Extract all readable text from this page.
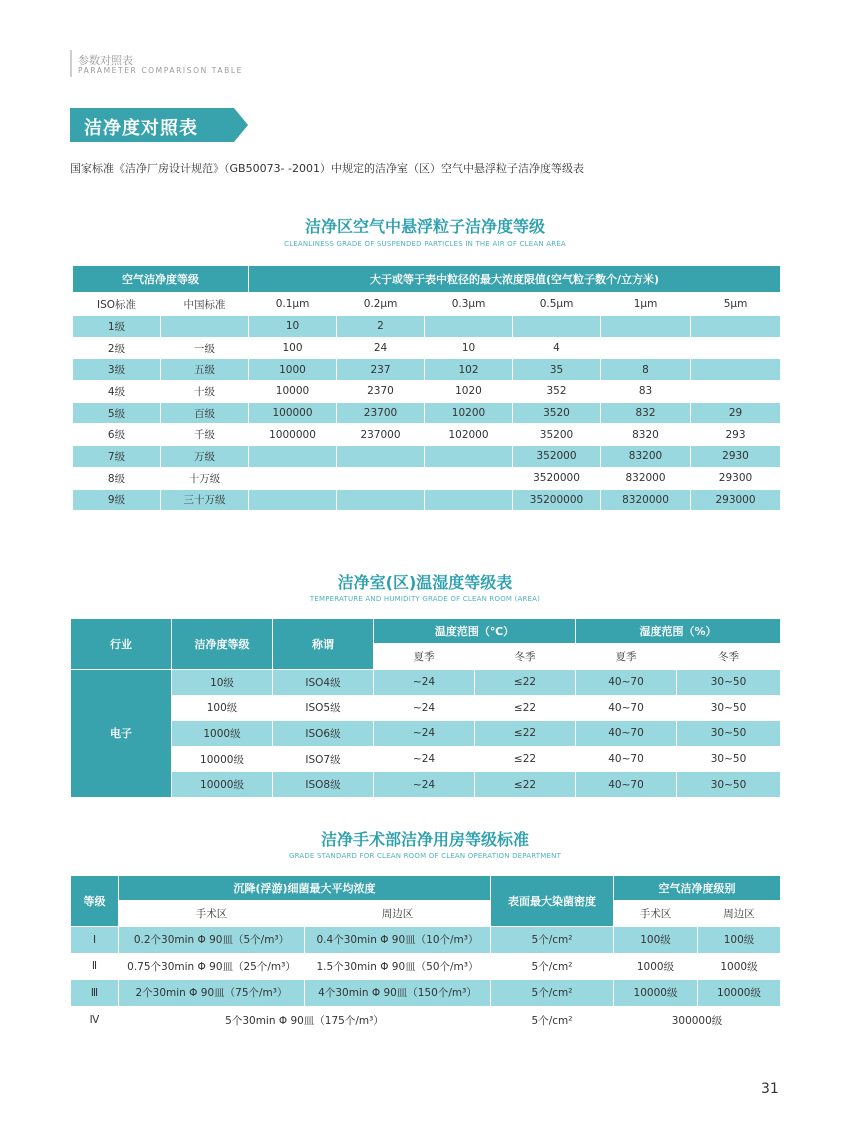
参数对照表
PARAMETER COMPARISON TABLE
洁净度对照表
国家标准《洁净厂房设计规范》（GB50073- -2001）中规定的洁净室（区）空气中悬浮粒子洁净度等级表
洁净区空气中悬浮粒子洁净度等级
CLEANLINESS GRADE OF SUSPENDED PARTICLES IN THE AIR OF CLEAN AREA
空气洁净度等级		大于或等于表中粒径的最大浓度限值(空气粒子数个/立方米)					
ISO标准	中国标准	0.1μm	0.2μm	0.3μm	0.5μm	1μm	5μm
1级		10	2				
2级	一级	100	24	10	4		
3级	五级	1000	237	102	35	8	
4级	十级	10000	2370	1020	352	83	
5级	百级	100000	23700	10200	3520	832	29
6级	千级	1000000	237000	102000	35200	8320	293
7级	万级				352000	83200	2930
8级	十万级				3520000	832000	29300
9级	三十万级				35200000	8320000	293000
洁净室(区)温湿度等级表
TEMPERATURE AND HUMIDITY GRADE OF CLEAN ROOM (AREA)
行业	洁净度等级	称谓	温度范围（℃）		湿度范围（%）	
			夏季	冬季	夏季	冬季
电子	10级	ISO4级	~24	≤22	40~70	30~50
	100级	ISO5级	~24	≤22	40~70	30~50
	1000级	ISO6级	~24	≤22	40~70	30~50
	10000级	ISO7级	~24	≤22	40~70	30~50
	10000级	ISO8级	~24	≤22	40~70	30~50
洁净手术部洁净用房等级标准
GRADE STANDARD FOR CLEAN ROOM OF CLEAN OPERATION DEPARTMENT
等级	沉降(浮游)细菌最大平均浓度		表面最大染菌密度	空气洁净度级别	
	手术区	周边区		手术区	周边区
Ⅰ	0.2个30min Φ 90皿（5个/m³）	0.4个30min Φ 90皿（10个/m³）	5个/cm²	100级	100级
Ⅱ	0.75个30min Φ 90皿（25个/m³）	1.5个30min Φ 90皿（50个/m³）	5个/cm²	1000级	1000级
Ⅲ	2个30min Φ 90皿（75个/m³）	4个30min Φ 90皿（150个/m³）	5个/cm²	10000级	10000级
Ⅳ	5个30min Φ 90皿（175个/m³）		5个/cm²	300000级	
31
